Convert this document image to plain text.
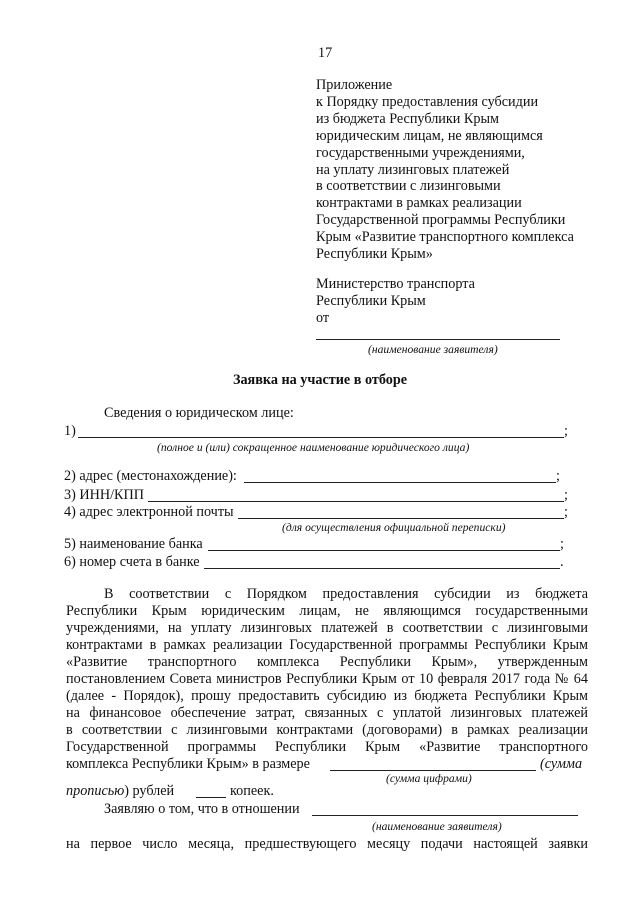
17
Приложение
к Порядку предоставления субсидии
из бюджета Республики Крым
юридическим лицам, не являющимся
государственными учреждениями,
на уплату лизинговых платежей
в соответствии с лизинговыми
контрактами в рамках реализации
Государственной программы Республики
Крым «Развитие транспортного комплекса
Республики Крым»
Министерство транспорта
Республики Крым
от
(наименование заявителя)
Заявка на участие в отборе
Сведения о юридическом лице:
1)	;
(полное и (или) сокращенное наименование юридического лица)
2) адрес (местонахождение):	;
3) ИНН/КПП	;
4) адрес электронной почты	;
(для осуществления официальной переписки)
5) наименование банка	;
6) номер счета в банке	.
В соответствии с Порядком предоставления субсидии из бюджета
Республики Крым юридическим лицам, не являющимся государственными
учреждениями, на уплату лизинговых платежей в соответствии с лизинговыми
контрактами в рамках реализации Государственной программы Республики Крым
«Развитие транспортного комплекса Республики Крым», утвержденным
постановлением Совета министров Республики Крым от 10 февраля 2017 года № 64
(далее - Порядок), прошу предоставить субсидию из бюджета Республики Крым
на финансовое обеспечение затрат, связанных с уплатой лизинговых платежей
в соответствии с лизинговыми контрактами (договорами) в рамках реализации
Государственной программы Республики Крым «Развитие транспортного
комплекса Республики Крым» в размере	(сумма
(сумма цифрами)
прописью) рублей	копеек.
Заявляю о том, что в отношении
(наименование заявителя)
на первое число месяца, предшествующего месяцу подачи настоящей заявки
